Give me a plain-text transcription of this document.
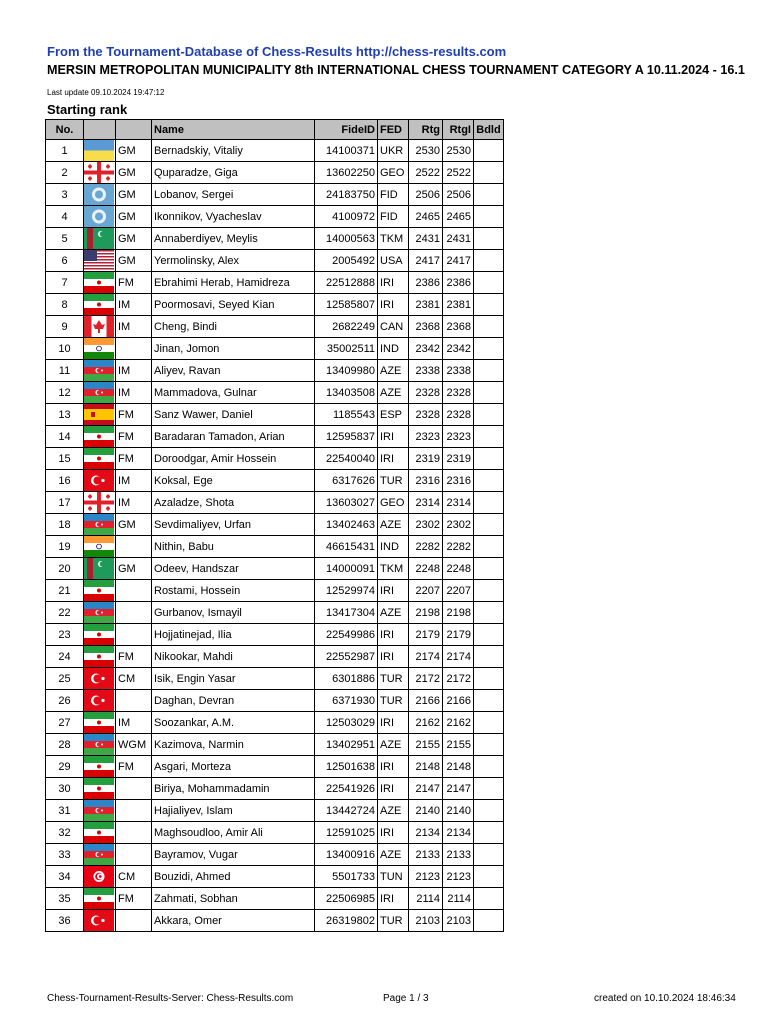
From the Tournament-Database of Chess-Results http://chess-results.com
MERSIN METROPOLITAN MUNICIPALITY 8th INTERNATIONAL CHESS TOURNAMENT CATEGORY A 10.11.2024 - 16.1
Last update 09.10.2024 19:47:12
Starting rank
No.			Name	FideID	FED	Rtg	RtgI	Bdld
1		GM	Bernadskiy, Vitaliy	14100371	UKR	2530	2530	
2		GM	Quparadze, Giga	13602250	GEO	2522	2522	
3		GM	Lobanov, Sergei	24183750	FID	2506	2506	
4		GM	Ikonnikov, Vyacheslav	4100972	FID	2465	2465	
5		GM	Annaberdiyev, Meylis	14000563	TKM	2431	2431	
6		GM	Yermolinsky, Alex	2005492	USA	2417	2417	
7		FM	Ebrahimi Herab, Hamidreza	22512888	IRI	2386	2386	
8		IM	Poormosavi, Seyed Kian	12585807	IRI	2381	2381	
9		IM	Cheng, Bindi	2682249	CAN	2368	2368	
10			Jinan, Jomon	35002511	IND	2342	2342	
11		IM	Aliyev, Ravan	13409980	AZE	2338	2338	
12		IM	Mammadova, Gulnar	13403508	AZE	2328	2328	
13		FM	Sanz Wawer, Daniel	1185543	ESP	2328	2328	
14		FM	Baradaran Tamadon, Arian	12595837	IRI	2323	2323	
15		FM	Doroodgar, Amir Hossein	22540040	IRI	2319	2319	
16		IM	Koksal, Ege	6317626	TUR	2316	2316	
17		IM	Azaladze, Shota	13603027	GEO	2314	2314	
18		GM	Sevdimaliyev, Urfan	13402463	AZE	2302	2302	
19			Nithin, Babu	46615431	IND	2282	2282	
20		GM	Odeev, Handszar	14000091	TKM	2248	2248	
21			Rostami, Hossein	12529974	IRI	2207	2207	
22			Gurbanov, Ismayil	13417304	AZE	2198	2198	
23			Hojjatinejad, Ilia	22549986	IRI	2179	2179	
24		FM	Nikookar, Mahdi	22552987	IRI	2174	2174	
25		CM	Isik, Engin Yasar	6301886	TUR	2172	2172	
26			Daghan, Devran	6371930	TUR	2166	2166	
27		IM	Soozankar, A.M.	12503029	IRI	2162	2162	
28		WGM	Kazimova, Narmin	13402951	AZE	2155	2155	
29		FM	Asgari, Morteza	12501638	IRI	2148	2148	
30			Biriya, Mohammadamin	22541926	IRI	2147	2147	
31			Hajialiyev, Islam	13442724	AZE	2140	2140	
32			Maghsoudloo, Amir Ali	12591025	IRI	2134	2134	
33			Bayramov, Vugar	13400916	AZE	2133	2133	
34		CM	Bouzidi, Ahmed	5501733	TUN	2123	2123	
35		FM	Zahmati, Sobhan	22506985	IRI	2114	2114	
36			Akkara, Omer	26319802	TUR	2103	2103	
Chess-Tournament-Results-Server: Chess-Results.com	Page 1 / 3	created on 10.10.2024 18:46:34
